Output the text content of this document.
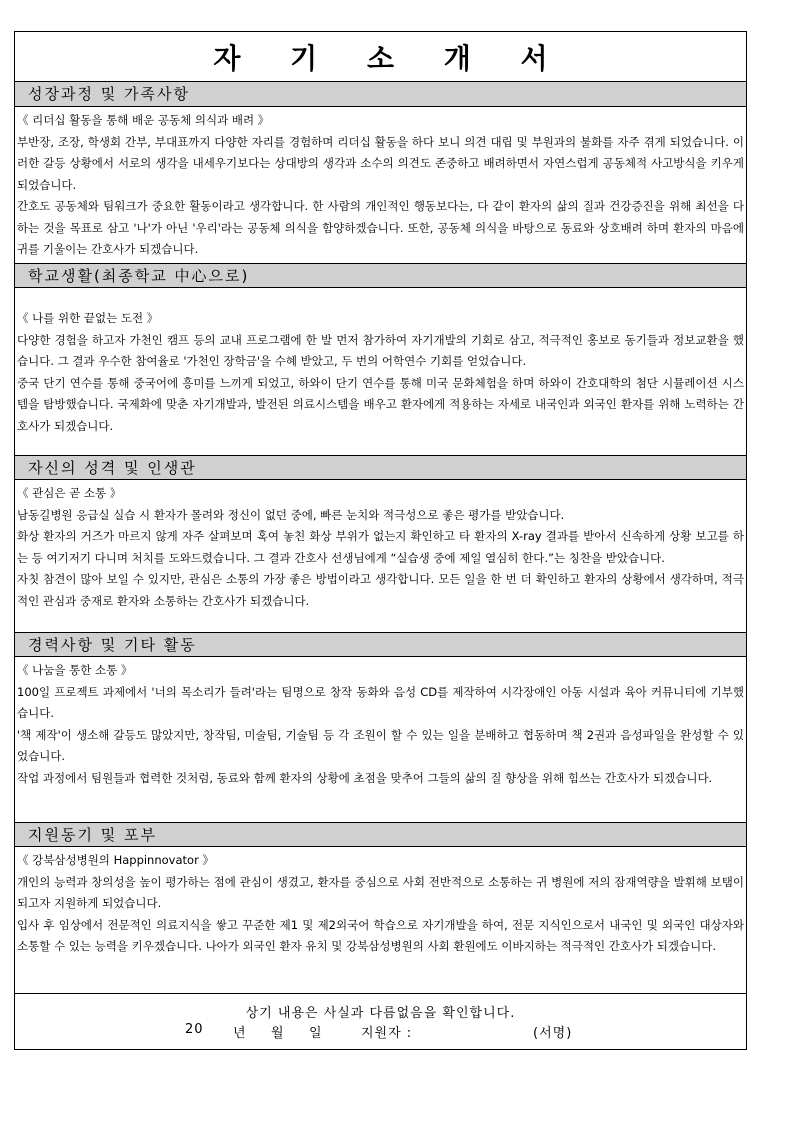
자 기 소 개 서
성장과정 및 가족사항

《 리더십 활동을 통해 배운 공동체 의식과 배려 》

부반장, 조장, 학생회 간부, 부대표까지 다양한 자리를 경험하며 리더십 활동을 하다 보니 의견 대립 및 부원과의 불화를 자주 겪게 되었습니다. 이러한 갈등 상황에서 서로의 생각을 내세우기보다는 상대방의 생각과 소수의 의견도 존중하고 배려하면서 자연스럽게 공동체적 사고방식을 키우게 되었습니다.

간호도 공동체와 팀워크가 중요한 활동이라고 생각합니다. 한 사람의 개인적인 행동보다는, 다 같이 환자의 삶의 질과 건강증진을 위해 최선을 다하는 것을 목표로 삼고 '나'가 아닌 '우리'라는 공동체 의식을 함양하겠습니다. 또한, 공동체 의식을 바탕으로 동료와 상호배려 하며 환자의 마음에 귀를 기울이는 간호사가 되겠습니다.

학교생활(최종학교 中心으로)

《 나를 위한 끝없는 도전 》

다양한 경험을 하고자 가천인 캠프 등의 교내 프로그램에 한 발 먼저 참가하여 자기개발의 기회로 삼고, 적극적인 홍보로 동기들과 정보교환을 했습니다. 그 결과 우수한 참여율로 '가천인 장학금'을 수혜 받았고, 두 번의 어학연수 기회를 얻었습니다.

중국 단기 연수를 통해 중국어에 흥미를 느끼게 되었고, 하와이 단기 연수를 통해 미국 문화체험을 하며 하와이 간호대학의 첨단 시뮬레이션 시스템을 탐방했습니다. 국제화에 맞춘 자기개발과, 발전된 의료시스템을 배우고 환자에게 적용하는 자세로 내국인과 외국인 환자를 위해 노력하는 간호사가 되겠습니다.

자신의 성격 및 인생관

《 관심은 곧 소통 》

남동길병원 응급실 실습 시 환자가 몰려와 정신이 없던 중에, 빠른 눈치와 적극성으로 좋은 평가를 받았습니다.

화상 환자의 거즈가 마르지 않게 자주 살펴보며 혹여 놓친 화상 부위가 없는지 확인하고 타 환자의 X-ray 결과를 받아서 신속하게 상황 보고를 하는 등 여기저기 다니며 처치를 도와드렸습니다. 그 결과 간호사 선생님에게 “실습생 중에 제일 열심히 한다.”는 칭찬을 받았습니다.

자칫 참견이 많아 보일 수 있지만, 관심은 소통의 가장 좋은 방법이라고 생각합니다. 모든 일을 한 번 더 확인하고 환자의 상황에서 생각하며, 적극적인 관심과 중재로 환자와 소통하는 간호사가 되겠습니다.

경력사항 및 기타 활동

《 나눔을 통한 소통 》

100일 프로젝트 과제에서 '너의 목소리가 들려'라는 팀명으로 창작 동화와 음성 CD를 제작하여 시각장애인 아동 시설과 육아 커뮤니티에 기부했습니다.

'책 제작'이 생소해 갈등도 많았지만, 창작팀, 미술팀, 기술팀 등 각 조원이 할 수 있는 일을 분배하고 협동하며 책 2권과 음성파일을 완성할 수 있었습니다.

작업 과정에서 팀원들과 협력한 것처럼, 동료와 함께 환자의 상황에 초점을 맞추어 그들의 삶의 질 향상을 위해 힘쓰는 간호사가 되겠습니다.

지원동기 및 포부

《 강북삼성병원의 Happinnovator 》

개인의 능력과 창의성을 높이 평가하는 점에 관심이 생겼고, 환자를 중심으로 사회 전반적으로 소통하는 귀 병원에 저의 잠재역량을 발휘해 보탬이 되고자 지원하게 되었습니다.

입사 후 임상에서 전문적인 의료지식을 쌓고 꾸준한 제1 및 제2외국어 학습으로 자기개발을 하여, 전문 지식인으로서 내국인 및 외국인 대상자와 소통할 수 있는 능력을 키우겠습니다. 나아가 외국인 환자 유치 및 강북삼성병원의 사회 환원에도 이바지하는 적극적인 간호사가 되겠습니다.

상기 내용은 사실과 다름없음을 확인합니다.
20 년 월 일	지원자 :	(서명)
